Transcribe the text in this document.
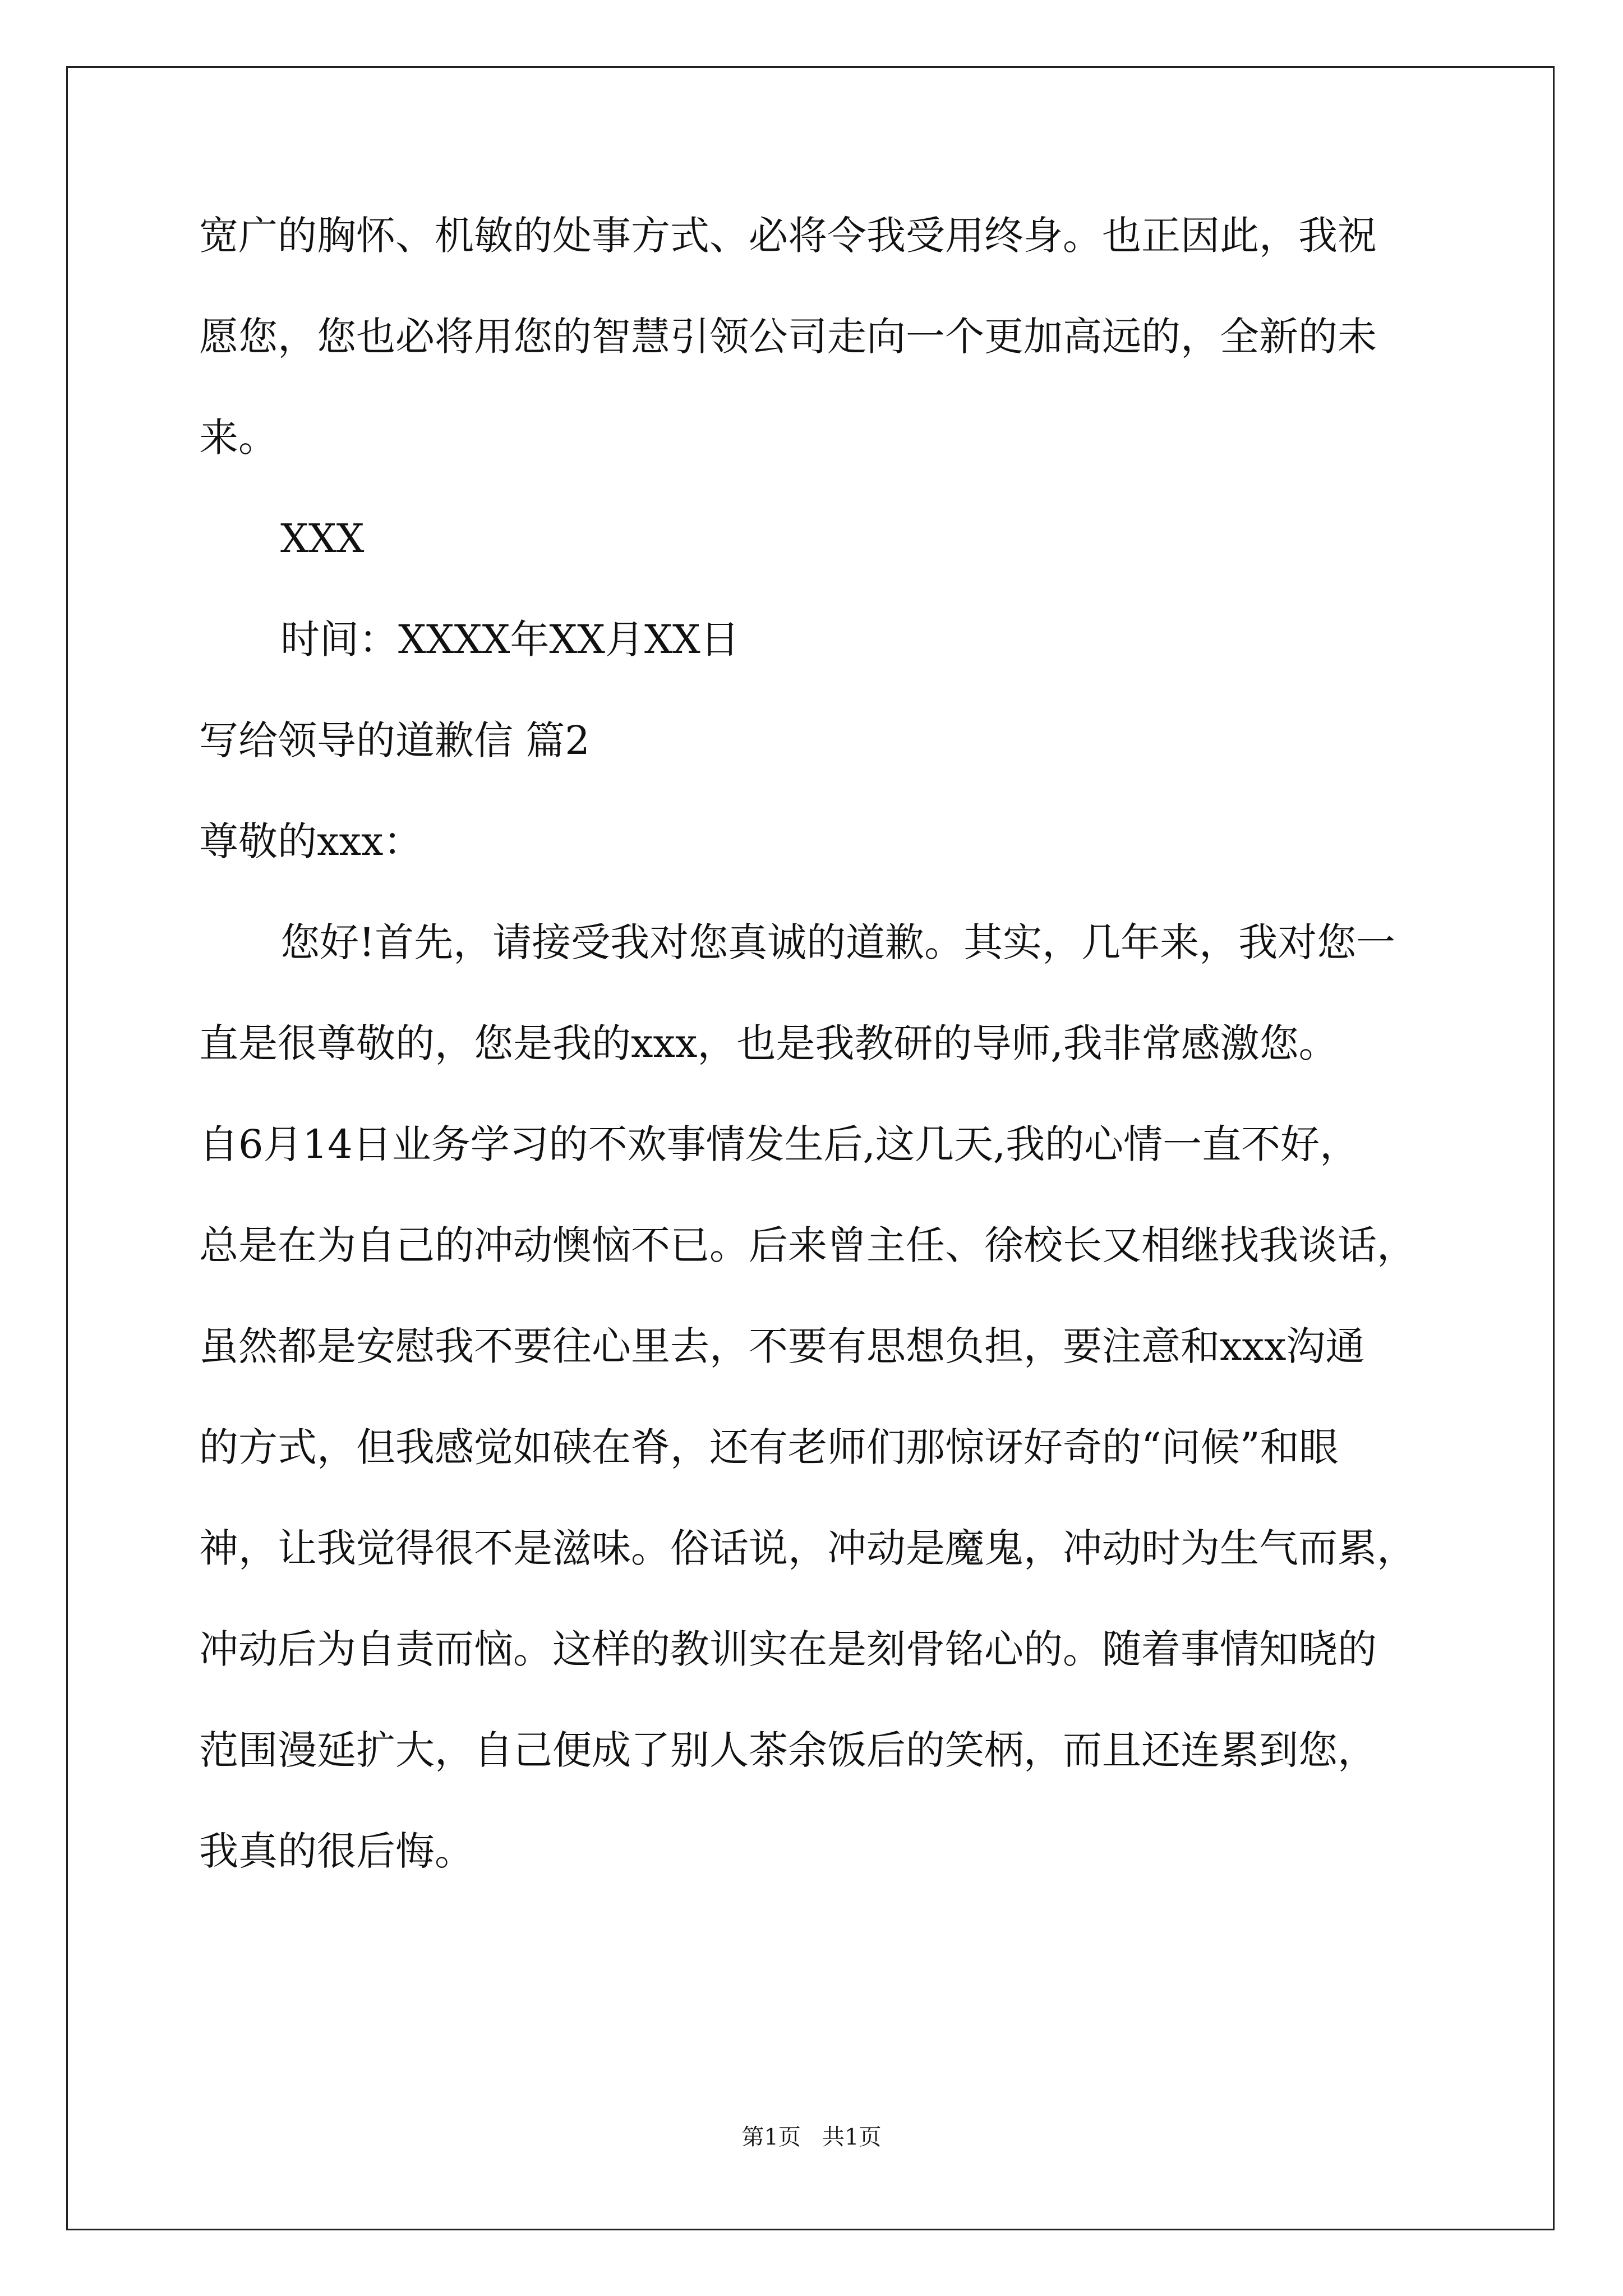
宽广的胸怀、机敏的处事方式、必将令我受用终身。也正因此，我祝
愿您，您也必将用您的智慧引领公司走向一个更加高远的，全新的未
来。
XXX
时间：XXXX年XX月XX日
写给领导的道歉信 篇2
尊敬的xxx：
您好!首先，请接受我对您真诚的道歉。其实，几年来，我对您一
直是很尊敬的，您是我的xxx，也是我教研的导师,我非常感激您。
自6月14日业务学习的不欢事情发生后,这几天,我的心情一直不好，
总是在为自己的冲动懊恼不已。后来曾主任、徐校长又相继找我谈话，
虽然都是安慰我不要往心里去，不要有思想负担，要注意和xxx沟通
的方式，但我感觉如硖在脊，还有老师们那惊讶好奇的“问候”和眼
神，让我觉得很不是滋味。俗话说，冲动是魔鬼，冲动时为生气而累，
冲动后为自责而恼。这样的教训实在是刻骨铭心的。随着事情知晓的
范围漫延扩大，自己便成了别人茶余饭后的笑柄，而且还连累到您，
我真的很后悔。
第1页   共1页
